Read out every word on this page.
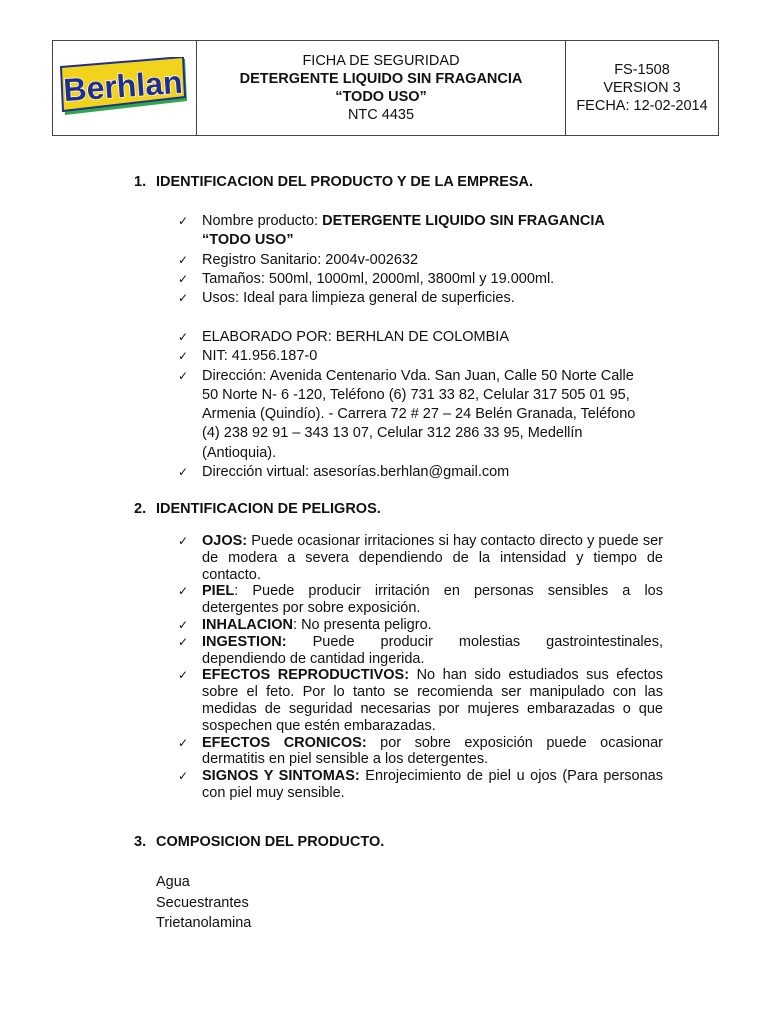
Berhlan
FICHA DE SEGURIDAD
DETERGENTE LIQUIDO SIN FRAGANCIA
“TODO USO”
NTC 4435
FS-1508
VERSION 3
FECHA: 12-02-2014
1. IDENTIFICACION DEL PRODUCTO Y DE LA EMPRESA.
✓ Nombre producto: DETERGENTE LIQUIDO SIN FRAGANCIA
“TODO USO”
✓ Registro Sanitario: 2004v-002632
✓ Tamaños: 500ml, 1000ml, 2000ml, 3800ml y 19.000ml.
✓ Usos: Ideal para limpieza general de superficies.
✓ ELABORADO POR: BERHLAN DE COLOMBIA
✓ NIT: 41.956.187-0
✓ Dirección: Avenida Centenario Vda. San Juan, Calle 50 Norte Calle 50 Norte N- 6 -120, Teléfono (6) 731 33 82, Celular 317 505 01 95, Armenia (Quindío). - Carrera 72 # 27 – 24 Belén Granada, Teléfono (4) 238 92 91 – 343 13 07, Celular 312 286 33 95, Medellín (Antioquia).
✓ Dirección virtual: asesorías.berhlan@gmail.com
2. IDENTIFICACION DE PELIGROS.
✓ OJOS: Puede ocasionar irritaciones si hay contacto directo y puede ser de modera a severa dependiendo de la intensidad y tiempo de contacto.
✓ PIEL: Puede producir irritación en personas sensibles a los detergentes por sobre exposición.
✓ INHALACION: No presenta peligro.
✓ INGESTION: Puede producir molestias gastrointestinales, dependiendo de cantidad ingerida.
✓ EFECTOS REPRODUCTIVOS: No han sido estudiados sus efectos sobre el feto. Por lo tanto se recomienda ser manipulado con las medidas de seguridad necesarias por mujeres embarazadas o que sospechen que estén embarazadas.
✓ EFECTOS CRONICOS: por sobre exposición puede ocasionar dermatitis en piel sensible a los detergentes.
✓ SIGNOS Y SINTOMAS: Enrojecimiento de piel u ojos (Para personas con piel muy sensible.
3. COMPOSICION DEL PRODUCTO.
Agua
Secuestrantes
Trietanolamina
